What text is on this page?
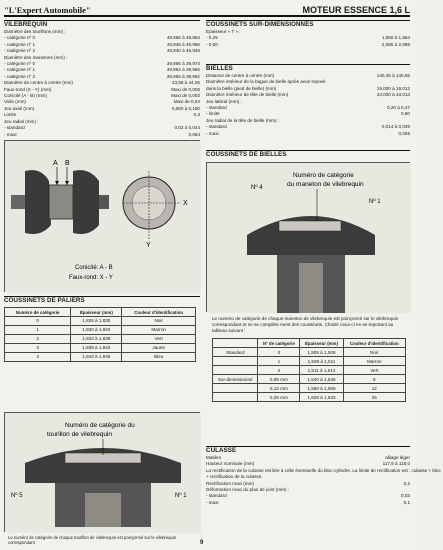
"L'Expert Automobile"	MOTEUR ESSENCE 1,6 L
VILEBREQUIN
Diamètre des tourillons (mm) :
- catégorie nº 0	49,956 à 49,964
- catégorie nº 1	49,948 à 49,956
- catégorie nº 2	49,940 à 49,948
Diamètre des manetons (mm) :
- catégorie nº 0	39,966 à 39,974
- catégorie nº 1	39,962 à 39,966
- catégorie nº 2	39,956 à 39,962
Diamètre de centre à centre (mm)	43,98 à 44,05
Faux-rond (X - Y) (mm)	Maxi de 0,005
Conicité (A - B) (mm)	Maxi de 0,002
Voile (mm)	Maxi de 0,04
Jeu axial (mm)	0,060 à 0,180
Limite	0,3
Jeu radial (mm) :
- standard	0,02 à 0,044
- maxi	0,064
A B
X
Y
Conicité: A - B
Faux-rond: X - Y
COUSSINETS DE PALIERS
Numéro de catégorie	Épaisseur (mm)	Couleur d'identification
0	1,826 à 1,830	Noir
1	1,830 à 1,834	Marron
2	1,834 à 1,838	Vert
3	1,838 à 1,842	Jaune
4	1,842 à 1,846	Bleu
Numéro de catégorie du
tourillon de vilebrequin
Nº 5	Nº 1
Le numéro de catégorie de chaque tourillon de vilebrequin est poinçonné sur le vilebrequin correspondant	9
COUSSINETS SUR-DIMENSIONNÉS
Épaisseur « T » :
- 0,25	1,960 à 1,964
- 0,50	2,085 à 2,089
BIELLES
Distance de centre à centre (mm)	140,45 à 140,55
Diamètre intérieur de la bague de bielle après avoir reposé
dans la bielle (pied de bielle) (mm)	19,000 à 19,012
Diamètre intérieur de tête de bielle (mm)	43,000 à 43,013
Jeu latéral (mm) :
- standard	0,20 à 0,47
- limite	0,60
Jeu radial de la tête de bielle (mm) :
- standard	0,014 à 0,039
- maxi	0,055
COUSSINETS DE BIELLES
Numéro de catégorie
du maneton de vilebrequin
Nº 4
Nº 1
Le numéro de catégorie de chaque maneton de vilebrequin est poinçonné sur le vilebrequin correspondant et ne se complète ment des coussinets. Choisir ceux-ci en se reportant au tableau suivant :
	Nº de catégorie	Épaisseur (mm)	Couleur d'identification
Standard	0	1,505 à 1,508	Noir
	1	1,508 à 1,511	Marron
	2	1,511 à 1,514	Vert
Sur-dimensionné	0,08 mm	1,540 à 1,546	8
	0,12 mm	1,560 à 1,566	12
	0,25 mm	1,628 à 1,633	25
CULASSE
Matière	alliage léger
Hauteur nominale (mm)	117,9 à 118,0
La rectification de la culasse est liée à celle éventuelle du bloc-cylindre. La limite de rectification est : culasse + bloc
+ rectification de la culasse.
Rectification maxi (mm)	0,2
Déformation maxi du plan de joint (mm) :
- standard	0,03
- maxi	0,1
